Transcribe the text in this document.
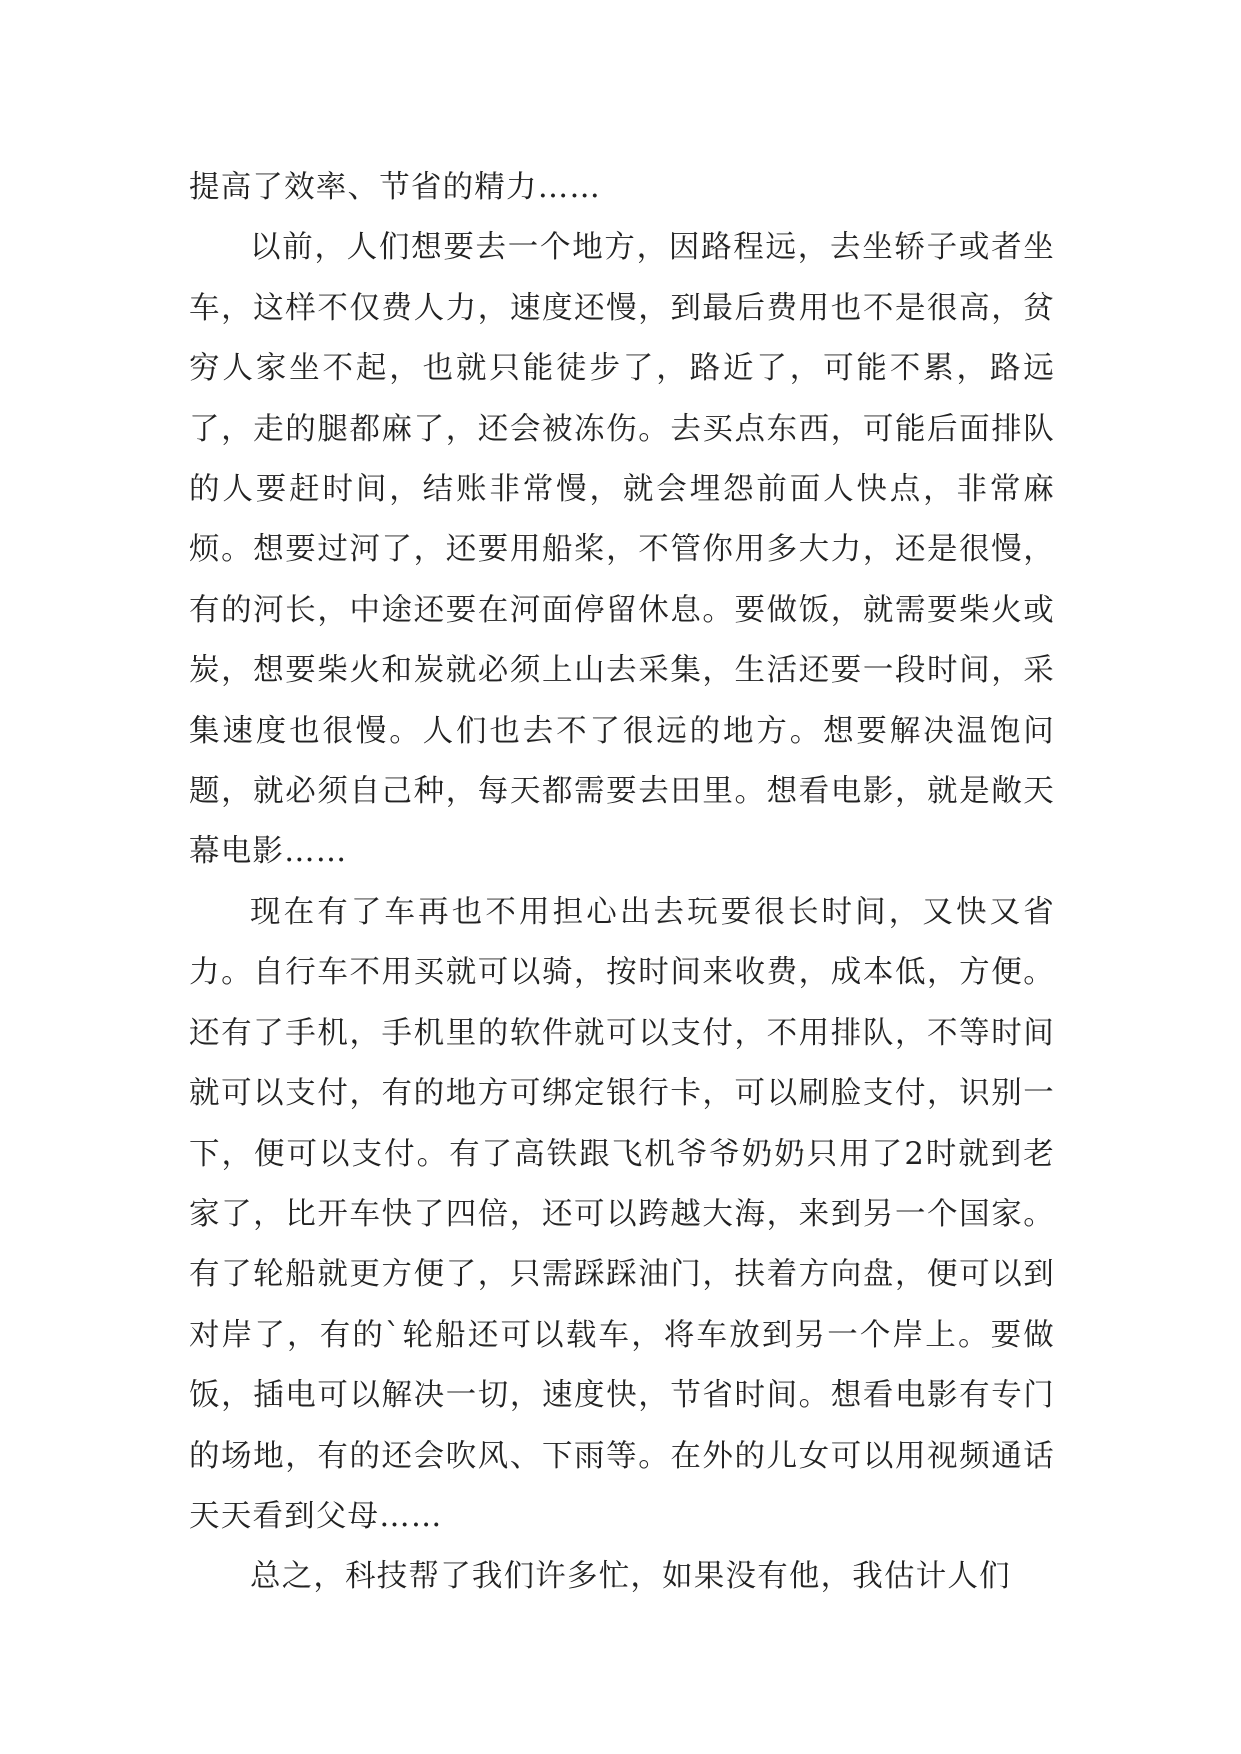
提高了效率、节省的精力……

以前，人们想要去一个地方，因路程远，去坐轿子或者坐车，这样不仅费人力，速度还慢，到最后费用也不是很高，贫穷人家坐不起，也就只能徒步了，路近了，可能不累，路远了，走的腿都麻了，还会被冻伤。去买点东西，可能后面排队的人要赶时间，结账非常慢，就会埋怨前面人快点，非常麻烦。想要过河了，还要用船桨，不管你用多大力，还是很慢，有的河长，中途还要在河面停留休息。要做饭，就需要柴火或炭，想要柴火和炭就必须上山去采集，生活还要一段时间，采集速度也很慢。人们也去不了很远的地方。想要解决温饱问题，就必须自己种，每天都需要去田里。想看电影，就是敞天幕电影……

现在有了车再也不用担心出去玩要很长时间，又快又省力。自行车不用买就可以骑，按时间来收费，成本低，方便。还有了手机，手机里的软件就可以支付，不用排队，不等时间就可以支付，有的地方可绑定银行卡，可以刷脸支付，识别一下，便可以支付。有了高铁跟飞机爷爷奶奶只用了2时就到老家了，比开车快了四倍，还可以跨越大海，来到另一个国家。有了轮船就更方便了，只需踩踩油门，扶着方向盘，便可以到对岸了，有的`轮船还可以载车，将车放到另一个岸上。要做饭，插电可以解决一切，速度快，节省时间。想看电影有专门的场地，有的还会吹风、下雨等。在外的儿女可以用视频通话天天看到父母……

总之，科技帮了我们许多忙，如果没有他，我估计人们
